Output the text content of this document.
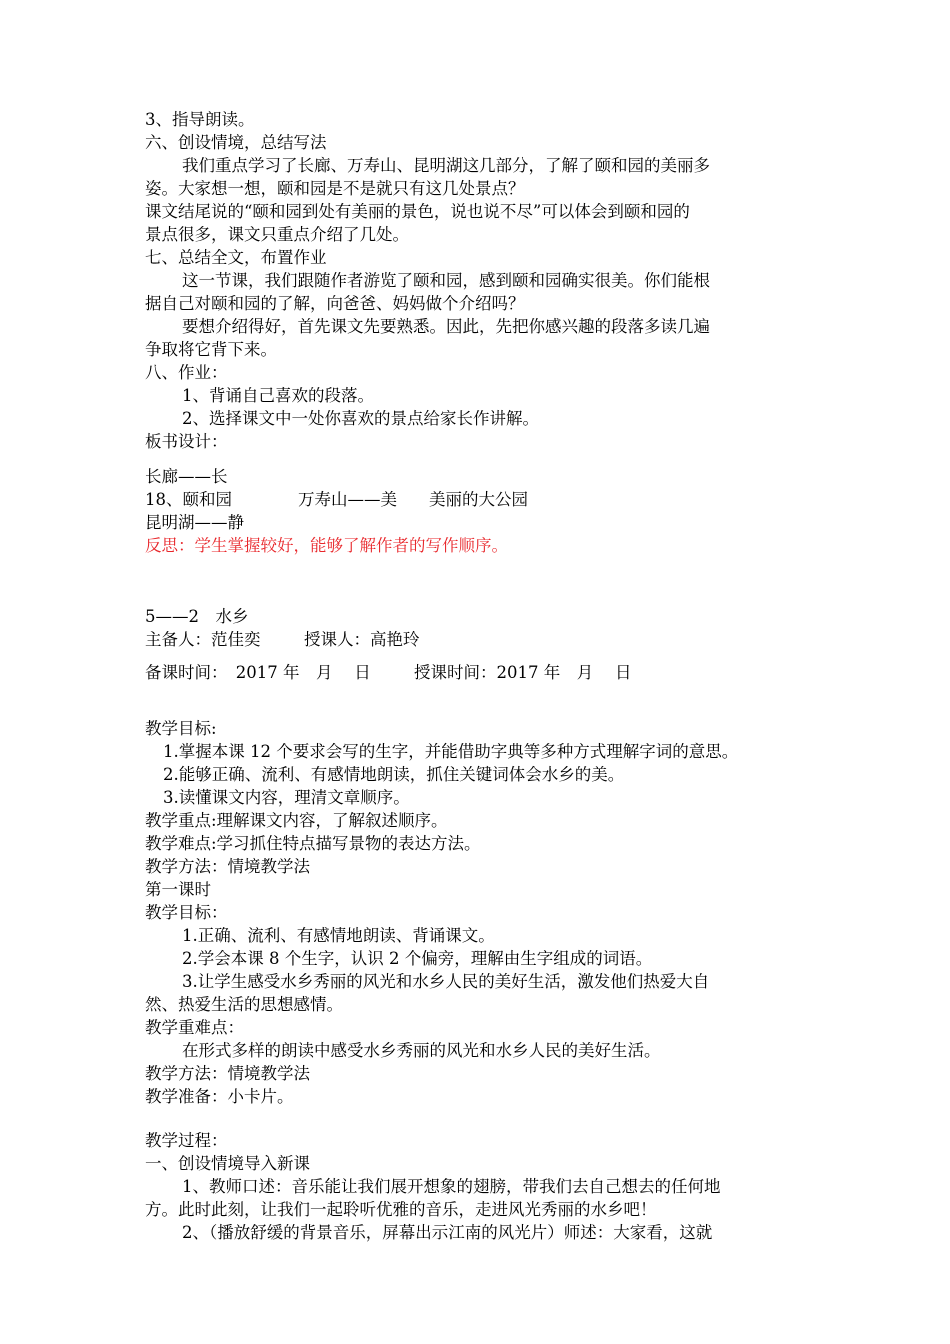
3、指导朗读。
六、创设情境，总结写法
我们重点学习了长廊、万寿山、昆明湖这几部分，了解了颐和园的美丽多
姿。大家想一想，颐和园是不是就只有这几处景点？
课文结尾说的“颐和园到处有美丽的景色，说也说不尽”可以体会到颐和园的
景点很多，课文只重点介绍了几处。
七、总结全文，布置作业
这一节课，我们跟随作者游览了颐和园，感到颐和园确实很美。你们能根
据自己对颐和园的了解，向爸爸、妈妈做个介绍吗？
要想介绍得好，首先课文先要熟悉。因此，先把你感兴趣的段落多读几遍
争取将它背下来。
八、作业：
1、背诵自己喜欢的段落。
2、选择课文中一处你喜欢的景点给家长作讲解。
板书设计：
长廊——长
18、颐和园	万寿山——美 美丽的大公园
昆明湖——静
反思：学生掌握较好，能够了解作者的写作顺序。
5——2　水乡
主备人：范佳奕	授课人：高艳玲
备课时间：　2017 年　月　 日	授课时间：2017 年　月　 日
教学目标:
1.掌握本课 12 个要求会写的生字，并能借助字典等多种方式理解字词的意思。
2.能够正确、流利、有感情地朗读，抓住关键词体会水乡的美。
3.读懂课文内容，理清文章顺序。
教学重点:理解课文内容，了解叙述顺序。
教学难点:学习抓住特点描写景物的表达方法。
教学方法：情境教学法
第一课时
教学目标：
1.正确、流利、有感情地朗读、背诵课文。
2.学会本课 8 个生字，认识 2 个偏旁，理解由生字组成的词语。
3.让学生感受水乡秀丽的风光和水乡人民的美好生活，激发他们热爱大自
然、热爱生活的思想感情。
教学重难点：
在形式多样的朗读中感受水乡秀丽的风光和水乡人民的美好生活。
教学方法：情境教学法
教学准备：小卡片。
教学过程：
一、创设情境导入新课
1、教师口述：音乐能让我们展开想象的翅膀，带我们去自己想去的任何地
方。此时此刻，让我们一起聆听优雅的音乐，走进风光秀丽的水乡吧！
2、（播放舒缓的背景音乐，屏幕出示江南的风光片）师述：大家看，这就
